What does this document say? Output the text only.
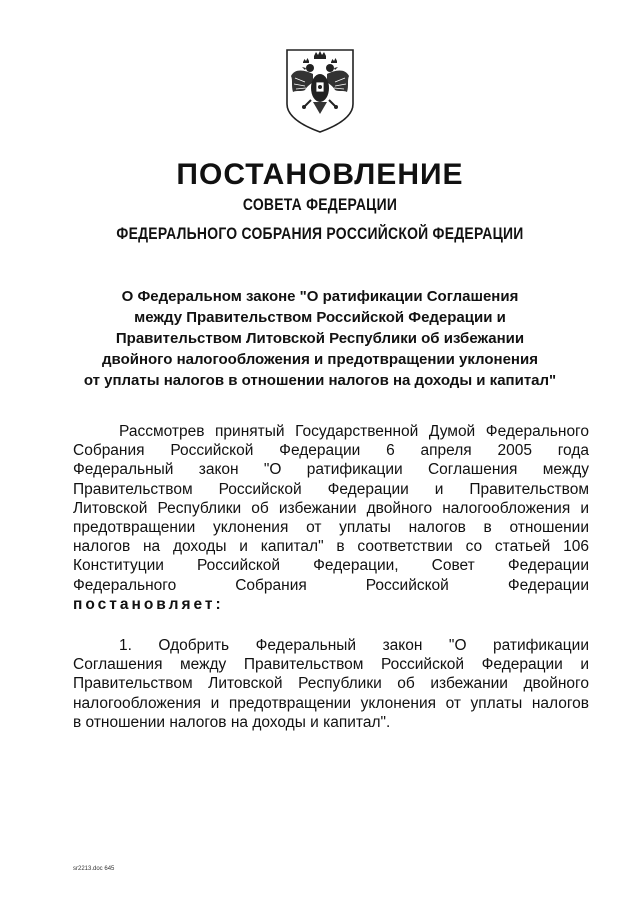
ПОСТАНОВЛЕНИЕ
СОВЕТА ФЕДЕРАЦИИ
ФЕДЕРАЛЬНОГО СОБРАНИЯ РОССИЙСКОЙ ФЕДЕРАЦИИ
О Федеральном законе "О ратификации Соглашения
между Правительством Российской Федерации и
Правительством Литовской Республики об избежании
двойного налогообложения и предотвращении уклонения
от уплаты налогов в отношении налогов на доходы и капитал"
Рассмотрев принятый Государственной Думой Федерального
Собрания Российской Федерации 6 апреля 2005 года
Федеральный закон "О ратификации Соглашения между
Правительством Российской Федерации и Правительством
Литовской Республики об избежании двойного налогообложения и
предотвращении уклонения от уплаты налогов в отношении
налогов на доходы и капитал" в соответствии со статьей 106
Конституции Российской Федерации, Совет Федерации
Федерального Собрания Российской Федерации
постановляет:
1. Одобрить Федеральный закон "О ратификации
Соглашения между Правительством Российской Федерации и
Правительством Литовской Республики об избежании двойного
налогообложения и предотвращении уклонения от уплаты налогов
в отношении налогов на доходы и капитал".
sr2213.doc 645
